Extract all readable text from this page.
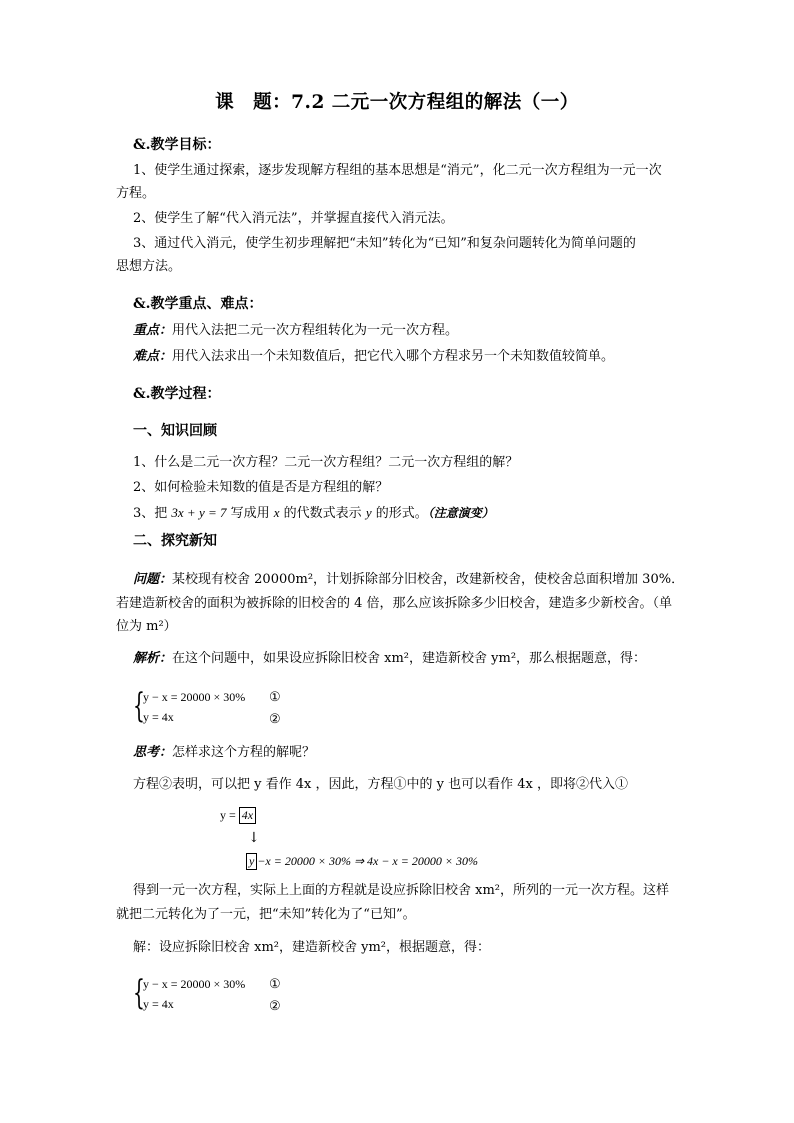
课　题：7.2 二元一次方程组的解法（一）
&.教学目标：
1、使学生通过探索，逐步发现解方程组的基本思想是“消元”，化二元一次方程组为一元一次
方程。
2、使学生了解“代入消元法”，并掌握直接代入消元法。
3、通过代入消元，使学生初步理解把“未知”转化为“已知”和复杂问题转化为简单问题的
思想方法。
&.教学重点、难点：
重点：用代入法把二元一次方程组转化为一元一次方程。
难点：用代入法求出一个未知数值后，把它代入哪个方程求另一个未知数值较简单。
&.教学过程：
一、知识回顾
1、什么是二元一次方程？二元一次方程组？二元一次方程组的解？
2、如何检验未知数的值是否是方程组的解？
3、把 3x + y = 7 写成用 x 的代数式表示 y 的形式。（注意演变）
二、探究新知
问题：某校现有校舍 20000m²，计划拆除部分旧校舍，改建新校舍，使校舍总面积增加 30%．
若建造新校舍的面积为被拆除的旧校舍的 4 倍，那么应该拆除多少旧校舍，建造多少新校舍。（单
位为 m²）
解析：在这个问题中，如果设应拆除旧校舍 xm²，建造新校舍 ym²，那么根据题意，得：
{
y − x = 20000 × 30%
y = 4x
①
②
思考：怎样求这个方程的解呢？
方程②表明，可以把 y 看作 4x ，因此，方程①中的 y 也可以看作 4x ，即将②代入①
y = 4x
↓
y −x = 20000 × 30% ⇒ 4x − x = 20000 × 30%
得到一元一次方程，实际上上面的方程就是设应拆除旧校舍 xm²，所列的一元一次方程。这样
就把二元转化为了一元，把“未知”转化为了“已知”。
解：设应拆除旧校舍 xm²，建造新校舍 ym²，根据题意，得：
{
y − x = 20000 × 30%
y = 4x
①
②
